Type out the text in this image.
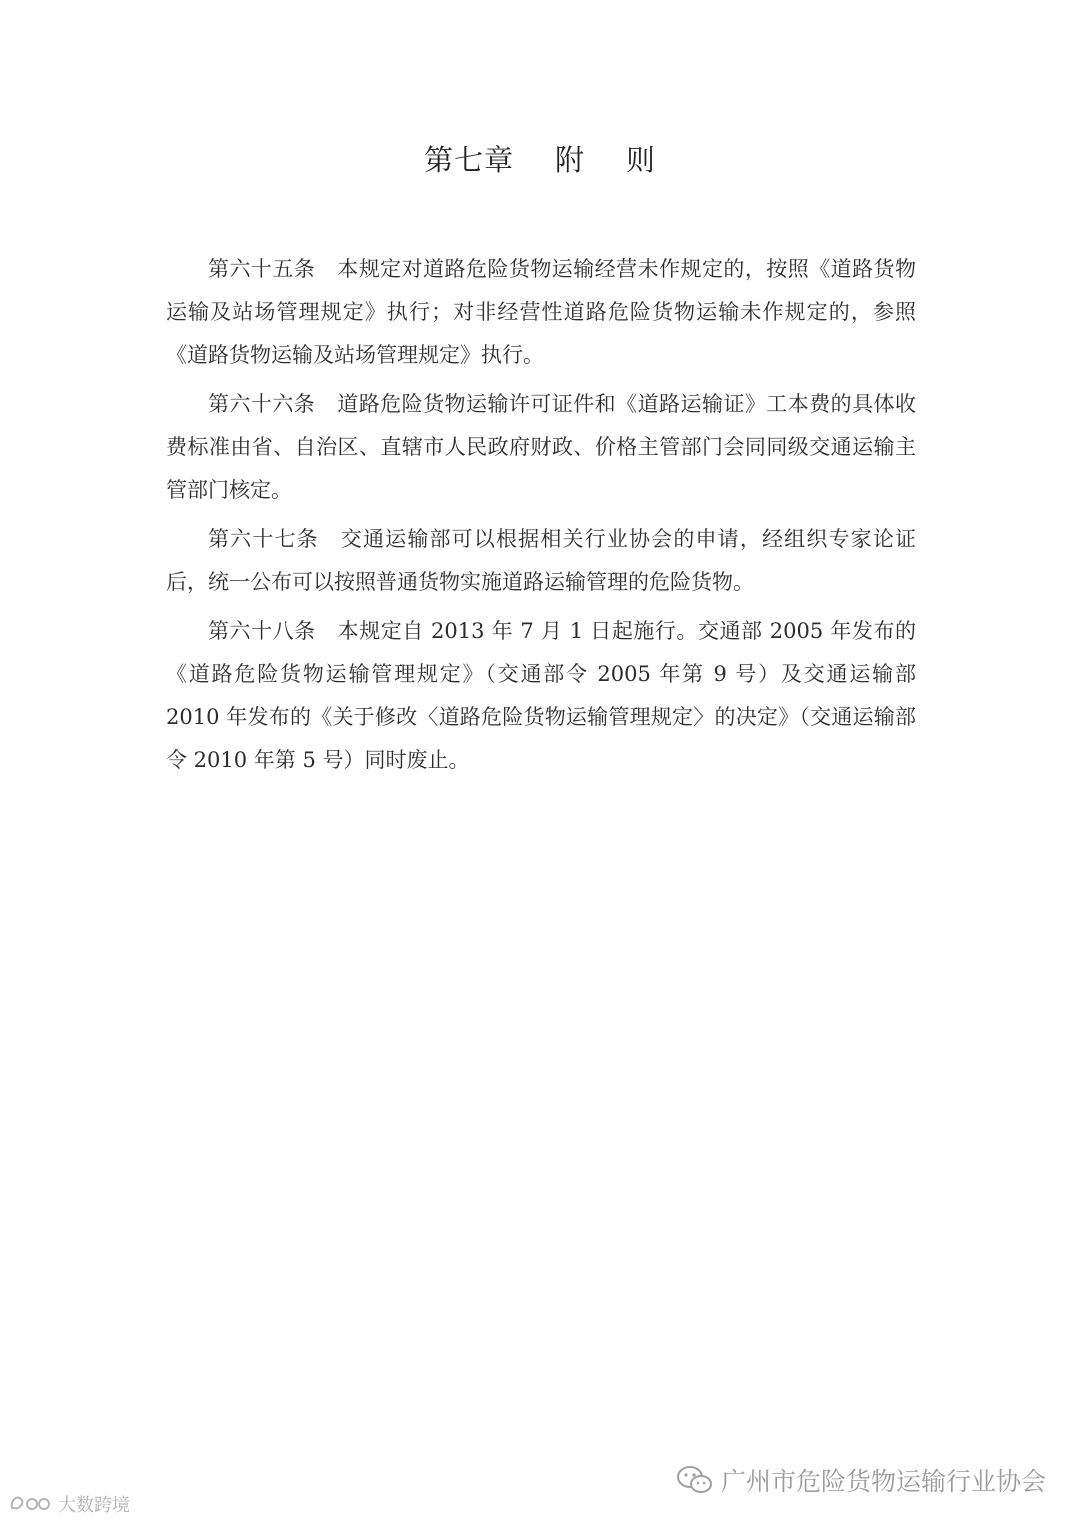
第七章    附    则

第六十五条 本规定对道路危险货物运输经营未作规定的，按照《道路货物运输及站场管理规定》执行；对非经营性道路危险货物运输未作规定的，参照《道路货物运输及站场管理规定》执行。

第六十六条 道路危险货物运输许可证件和《道路运输证》工本费的具体收费标准由省、自治区、直辖市人民政府财政、价格主管部门会同同级交通运输主管部门核定。

第六十七条 交通运输部可以根据相关行业协会的申请，经组织专家论证后，统一公布可以按照普通货物实施道路运输管理的危险货物。

第六十八条 本规定自 2013 年 7 月 1 日起施行。交通部 2005 年发布的《道路危险货物运输管理规定》（交通部令 2005 年第 9 号）及交通运输部 2010 年发布的《关于修改〈道路危险货物运输管理规定〉的决定》（交通运输部令 2010 年第 5 号）同时废止。

广州市危险货物运输行业协会
大数跨境
